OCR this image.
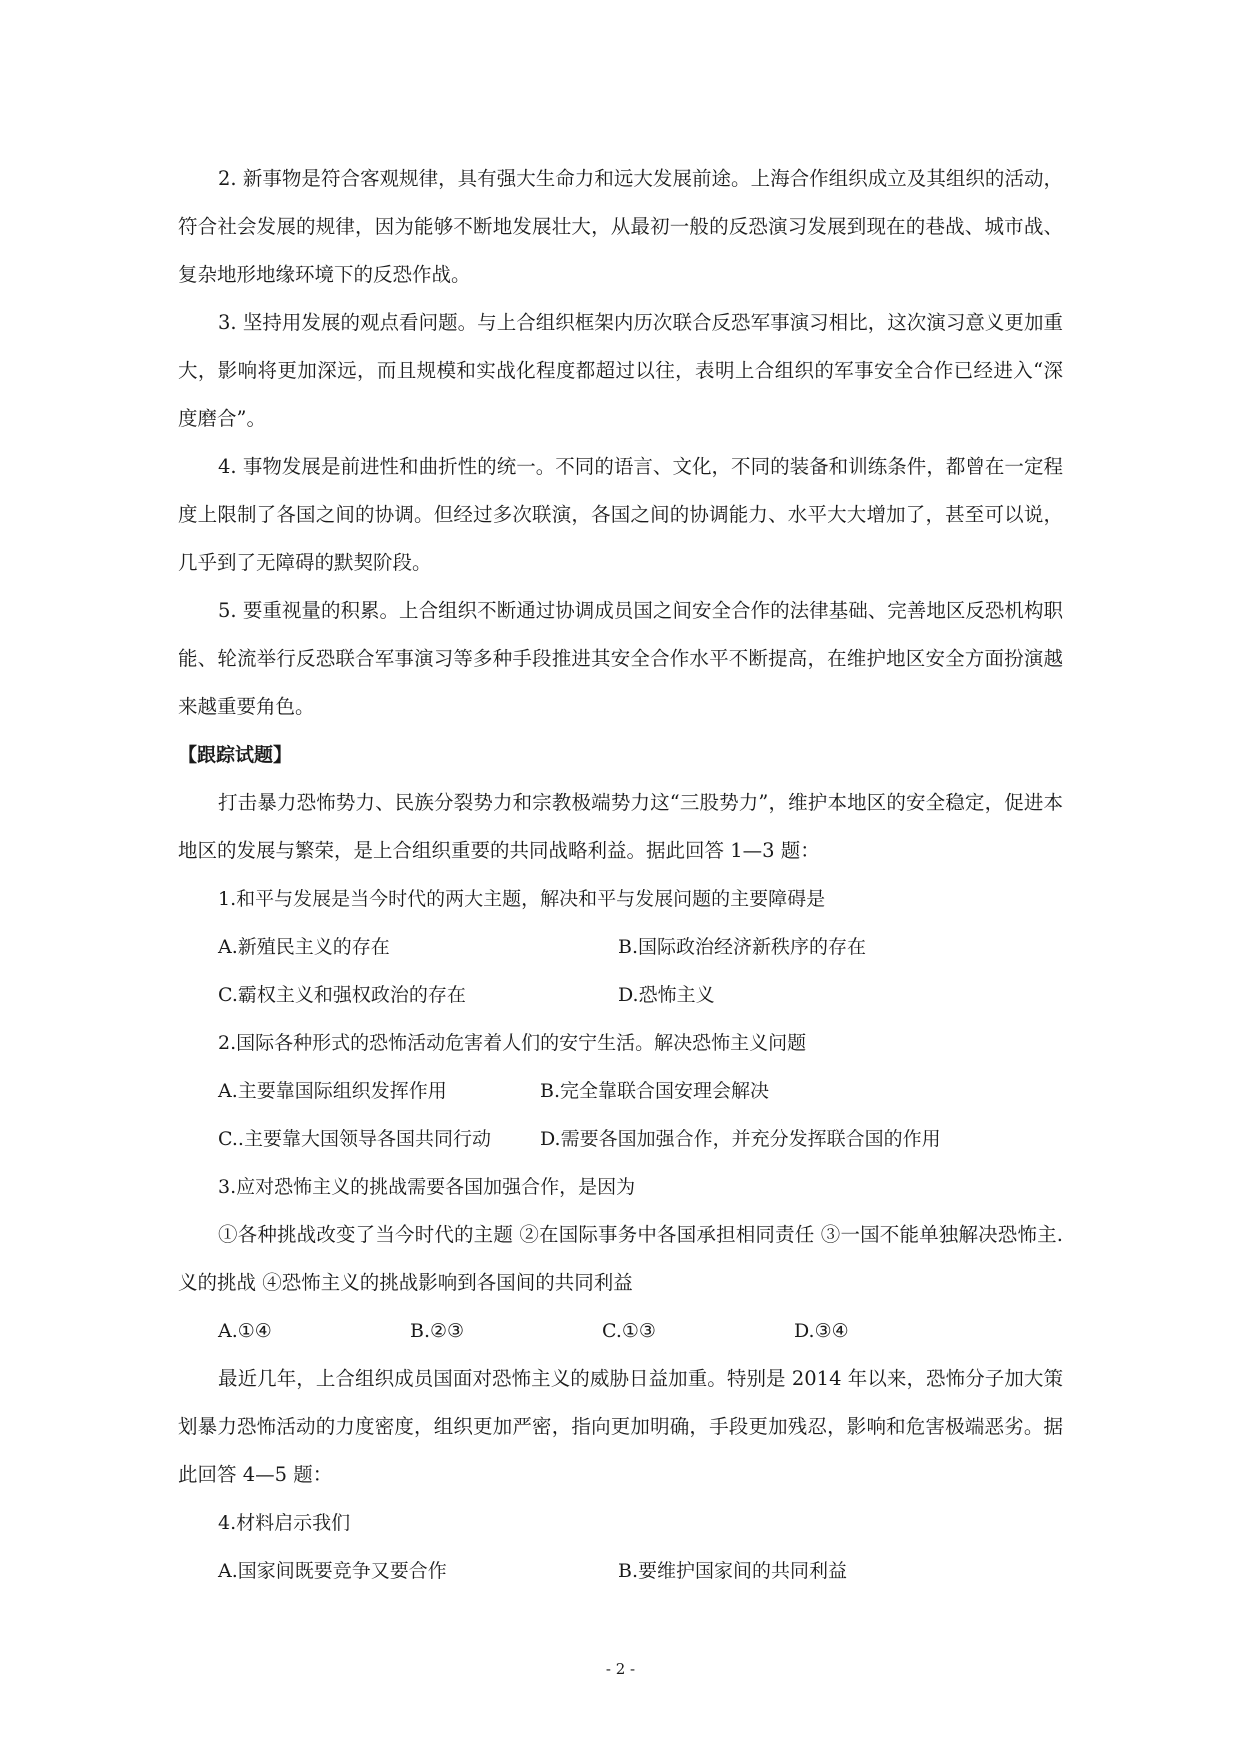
2. 新事物是符合客观规律，具有强大生命力和远大发展前途。上海合作组织成立及其组织的活动，符合社会发展的规律，因为能够不断地发展壮大，从最初一般的反恐演习发展到现在的巷战、城市战、复杂地形地缘环境下的反恐作战。

3. 坚持用发展的观点看问题。与上合组织框架内历次联合反恐军事演习相比，这次演习意义更加重大，影响将更加深远，而且规模和实战化程度都超过以往，表明上合组织的军事安全合作已经进入“深度磨合”。

4. 事物发展是前进性和曲折性的统一。不同的语言、文化，不同的装备和训练条件，都曾在一定程度上限制了各国之间的协调。但经过多次联演，各国之间的协调能力、水平大大增加了，甚至可以说，几乎到了无障碍的默契阶段。

5. 要重视量的积累。上合组织不断通过协调成员国之间安全合作的法律基础、完善地区反恐机构职能、轮流举行反恐联合军事演习等多种手段推进其安全合作水平不断提高，在维护地区安全方面扮演越来越重要角色。

【跟踪试题】

打击暴力恐怖势力、民族分裂势力和宗教极端势力这“三股势力”，维护本地区的安全稳定，促进本地区的发展与繁荣，是上合组织重要的共同战略利益。据此回答 1—3 题：

1.和平与发展是当今时代的两大主题，解决和平与发展问题的主要障碍是

A.新殖民主义的存在	B.国际政治经济新秩序的存在
C.霸权主义和强权政治的存在	D.恐怖主义

2.国际各种形式的恐怖活动危害着人们的安宁生活。解决恐怖主义问题

A.主要靠国际组织发挥作用	B.完全靠联合国安理会解决
C..主要靠大国领导各国共同行动	D.需要各国加强合作，并充分发挥联合国的作用

3.应对恐怖主义的挑战需要各国加强合作，是因为

①各种挑战改变了当今时代的主题 ②在国际事务中各国承担相同责任 ③一国不能单独解决恐怖主.义的挑战 ④恐怖主义的挑战影响到各国间的共同利益

A.①④	B.②③	C.①③	D.③④

最近几年，上合组织成员国面对恐怖主义的威胁日益加重。特别是 2014 年以来，恐怖分子加大策划暴力恐怖活动的力度密度，组织更加严密，指向更加明确，手段更加残忍，影响和危害极端恶劣。据此回答 4—5 题：

4.材料启示我们

A.国家间既要竞争又要合作	B.要维护国家间的共同利益
- 2 -
